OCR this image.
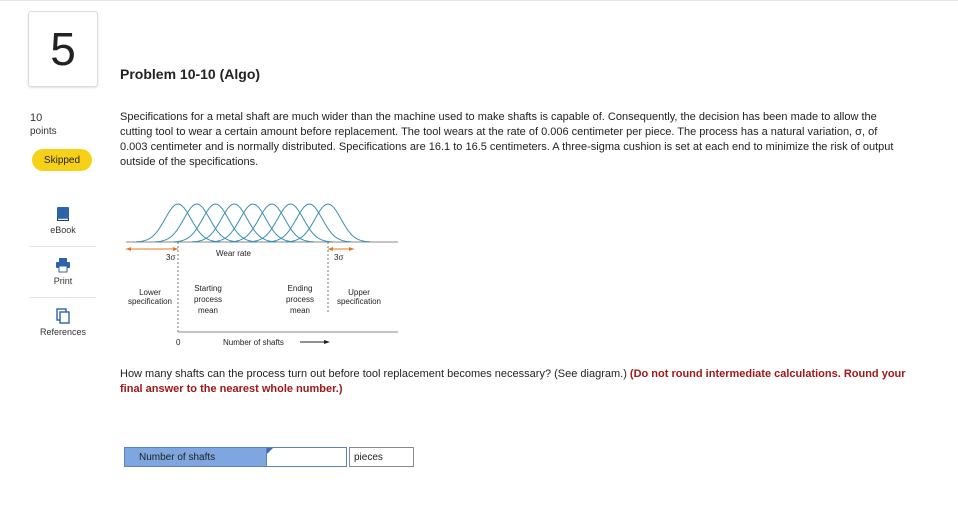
5
10
points
Skipped
eBook
Print
References
Problem 10-10 (Algo)
Specifications for a metal shaft are much wider than the machine used to make shafts is capable of. Consequently, the decision has been made to allow the cutting tool to wear a certain amount before replacement. The tool wears at the rate of 0.006 centimeter per piece. The process has a natural variation, σ, of 0.003 centimeter and is normally distributed. Specifications are 16.1 to 16.5 centimeters. A three-sigma cushion is set at each end to minimize the risk of output outside of the specifications.
3σ	3σ
Wear rate
Lower
specification
Starting
process
mean
Ending
process
mean
Upper
specification
0	Number of shafts
How many shafts can the process turn out before tool replacement becomes necessary? (See diagram.) (Do not round intermediate calculations. Round your final answer to the nearest whole number.)
Number of shafts	pieces
